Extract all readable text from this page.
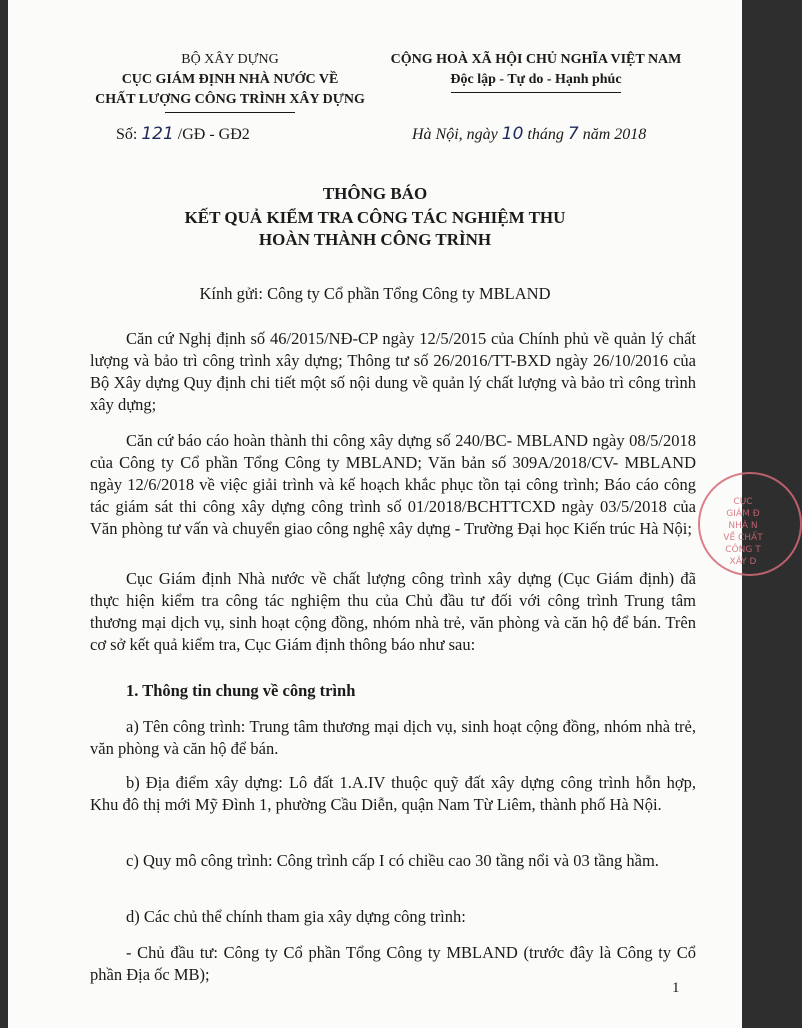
BỘ XÂY DỰNG
CỤC GIÁM ĐỊNH NHÀ NƯỚC VỀ
CHẤT LƯỢNG CÔNG TRÌNH XÂY DỰNG
CỘNG HOÀ XÃ HỘI CHỦ NGHĨA VIỆT NAM
Độc lập - Tự do - Hạnh phúc
Số: 121 /GĐ - GĐ2	Hà Nội, ngày 10 tháng 7 năm 2018
THÔNG BÁO
KẾT QUẢ KIỂM TRA CÔNG TÁC NGHIỆM THU
HOÀN THÀNH CÔNG TRÌNH
Kính gửi: Công ty Cổ phần Tổng Công ty MBLAND

Căn cứ Nghị định số 46/2015/NĐ-CP ngày 12/5/2015 của Chính phủ về quản lý chất lượng và bảo trì công trình xây dựng; Thông tư số 26/2016/TT-BXD ngày 26/10/2016 của Bộ Xây dựng Quy định chi tiết một số nội dung về quản lý chất lượng và bảo trì công trình xây dựng;

Căn cứ báo cáo hoàn thành thi công xây dựng số 240/BC- MBLAND ngày 08/5/2018 của Công ty Cổ phần Tổng Công ty MBLAND; Văn bản số 309A/2018/CV- MBLAND ngày 12/6/2018 về việc giải trình và kế hoạch khắc phục tồn tại công trình; Báo cáo công tác giám sát thi công xây dựng công trình số 01/2018/BCHTTCXD ngày 03/5/2018 của Văn phòng tư vấn và chuyển giao công nghệ xây dựng - Trường Đại học Kiến trúc Hà Nội;

Cục Giám định Nhà nước về chất lượng công trình xây dựng (Cục Giám định) đã thực hiện kiểm tra công tác nghiệm thu của Chủ đầu tư đối với công trình Trung tâm thương mại dịch vụ, sinh hoạt cộng đồng, nhóm nhà trẻ, văn phòng và căn hộ để bán. Trên cơ sở kết quả kiểm tra, Cục Giám định thông báo như sau:

1. Thông tin chung về công trình

a) Tên công trình: Trung tâm thương mại dịch vụ, sinh hoạt cộng đồng, nhóm nhà trẻ, văn phòng và căn hộ để bán.

b) Địa điểm xây dựng: Lô đất 1.A.IV thuộc quỹ đất xây dựng công trình hỗn hợp, Khu đô thị mới Mỹ Đình 1, phường Cầu Diễn, quận Nam Từ Liêm, thành phố Hà Nội.

c) Quy mô công trình: Công trình cấp I có chiều cao 30 tầng nổi và 03 tầng hầm.

d) Các chủ thể chính tham gia xây dựng công trình:

- Chủ đầu tư: Công ty Cổ phần Tổng Công ty MBLAND (trước đây là Công ty Cổ phần Địa ốc MB);

CỤC
GIÁM Đ
NHÀ N
VỀ CHẤT
CÔNG T
XÂY D
1
